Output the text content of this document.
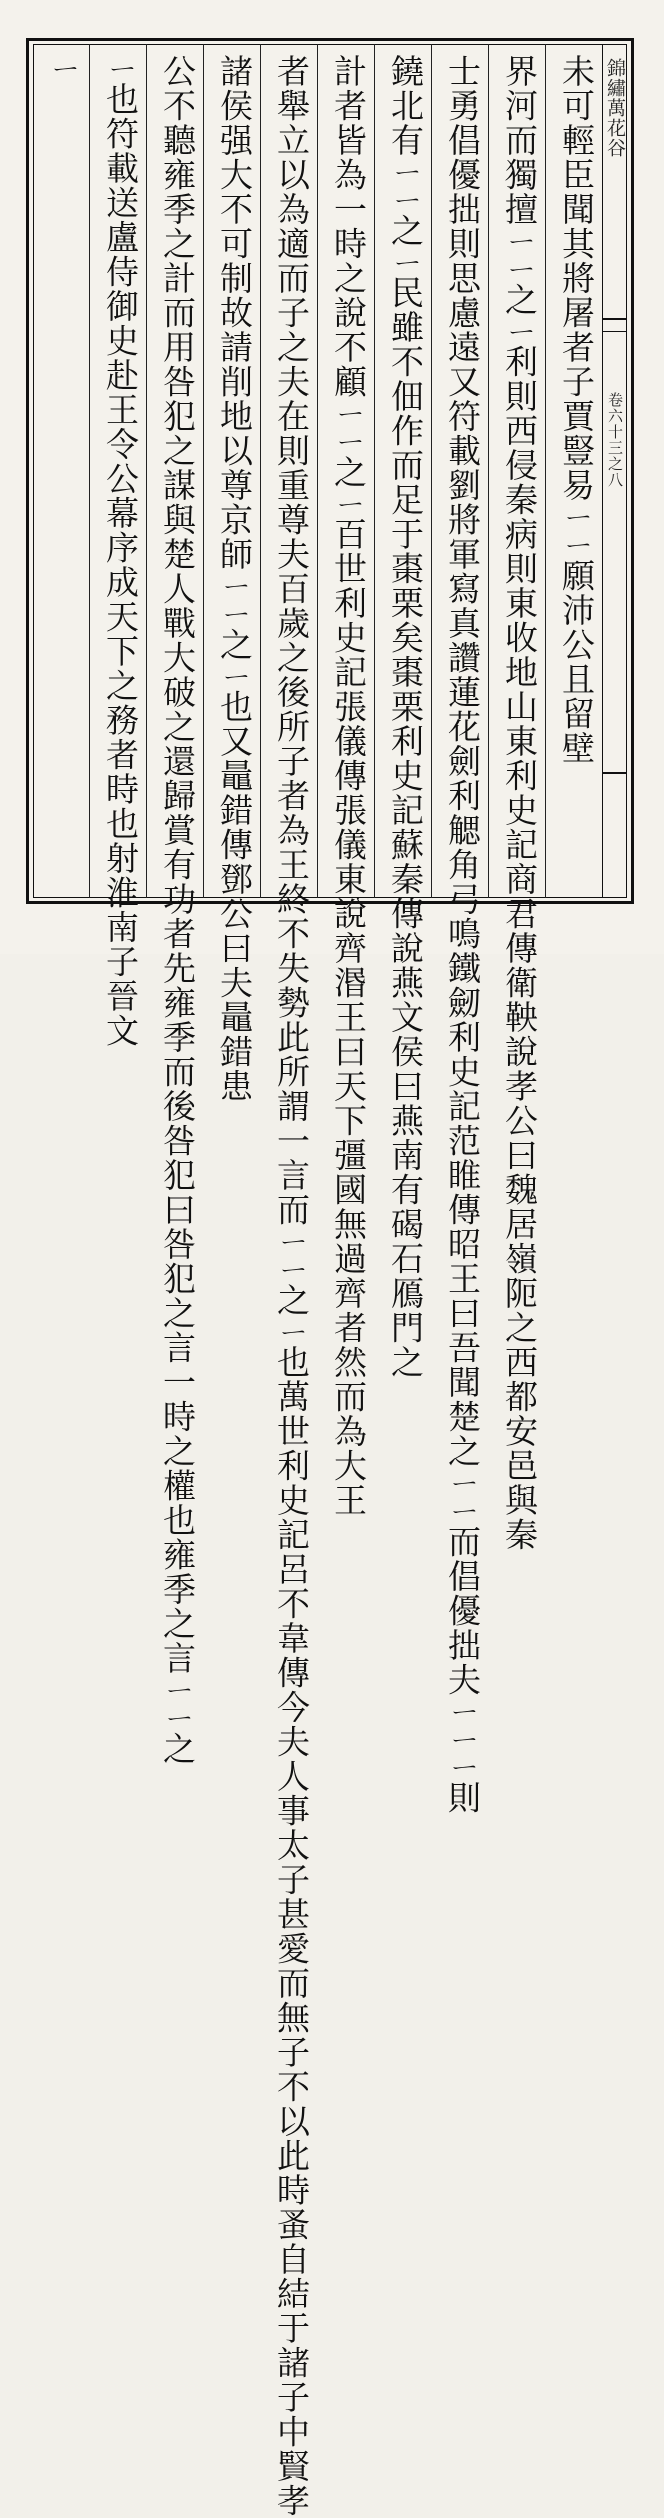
錦繡萬花谷
卷六十三之八
未可輕臣聞其將屠者子賈豎易ㄧㄧ願沛公且留壁
界河而獨擅ㄧㄧ之ㄧ利則西侵秦病則東收地山東利史記商君傳衛鞅說孝公曰魏居嶺阨之西都安邑與秦
士勇倡優拙則思慮遠又符載劉將軍寫真讚蓮花劍利䚡角弓鳴鐵劒利史記范睢傳昭王曰吾聞楚之ㄧㄧ而倡優拙夫ㄧㄧㄧ則
鐃北有ㄧㄧ之ㄧ民雖不佃作而足于棗栗矣棗栗利史記蘇秦傳說燕文侯曰燕南有碣石鴈門之
計者皆為一時之說不顧ㄧㄧ之ㄧ百世利史記張儀傳張儀東說齊湣王曰天下彊國無過齊者然而為大王
者舉立以為適而子之夫在則重尊夫百歲之後所子者為王終不失勢此所謂一言而ㄧㄧ之ㄧ也萬世利史記呂不韋傳今夫人事太子甚愛而無子不以此時蚤自結于諸子中賢孝
諸侯强大不可制故請削地以尊京師ㄧㄧ之ㄧ也又鼂錯傳鄧公曰夫鼂錯患
公不聽雍季之計而用咎犯之謀與楚人戰大破之還歸賞有功者先雍季而後咎犯曰咎犯之言一時之權也雍季之言ㄧㄧ之
ㄧ也符載送盧侍御史赴王令公幕序成天下之務者時也射淮南子晉文
ㄧ
